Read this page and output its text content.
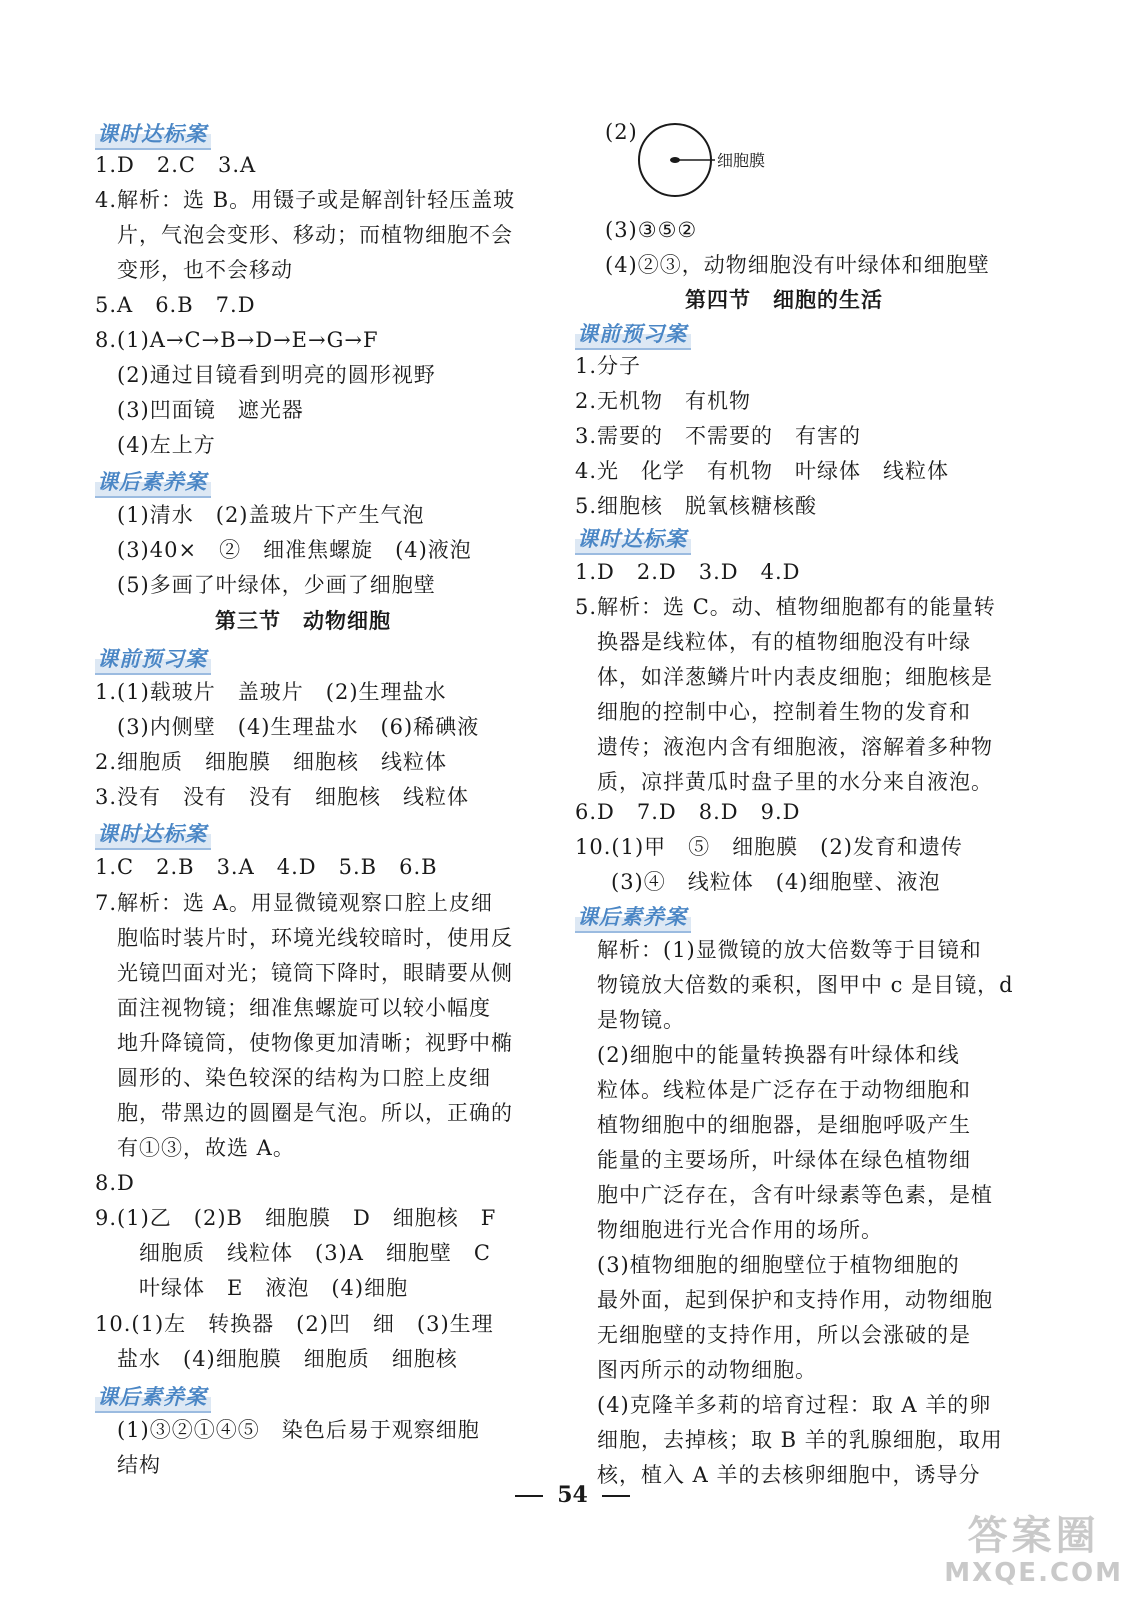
课时达标案
1.D　2.C　3.A
4.解析：选 B。用镊子或是解剖针轻压盖玻
片，气泡会变形、移动；而植物细胞不会
变形，也不会移动
5.A　6.B　7.D
8.(1)A→C→B→D→E→G→F
(2)通过目镜看到明亮的圆形视野
(3)凹面镜　遮光器
(4)左上方
课后素养案
(1)清水　(2)盖玻片下产生气泡
(3)40×　②　细准焦螺旋　(4)液泡
(5)多画了叶绿体，少画了细胞壁
第三节　动物细胞
课前预习案
1.(1)载玻片　盖玻片　(2)生理盐水
(3)内侧壁　(4)生理盐水　(6)稀碘液
2.细胞质　细胞膜　细胞核　线粒体
3.没有　没有　没有　细胞核　线粒体
课时达标案
1.C　2.B　3.A　4.D　5.B　6.B
7.解析：选 A。用显微镜观察口腔上皮细
胞临时装片时，环境光线较暗时，使用反
光镜凹面对光；镜筒下降时，眼睛要从侧
面注视物镜；细准焦螺旋可以较小幅度
地升降镜筒，使物像更加清晰；视野中椭
圆形的、染色较深的结构为口腔上皮细
胞，带黑边的圆圈是气泡。所以，正确的
有①③，故选 A。
8.D
9.(1)乙　(2)B　细胞膜　D　细胞核　F
细胞质　线粒体　(3)A　细胞壁　C
叶绿体　E　液泡　(4)细胞
10.(1)左　转换器　(2)凹　细　(3)生理
盐水　(4)细胞膜　细胞质　细胞核
课后素养案
(1)③②①④⑤　染色后易于观察细胞
结构
(2)
细胞膜
(3)③⑤②
(4)②③，动物细胞没有叶绿体和细胞壁
第四节　细胞的生活
课前预习案
1.分子
2.无机物　有机物
3.需要的　不需要的　有害的
4.光　化学　有机物　叶绿体　线粒体
5.细胞核　脱氧核糖核酸
课时达标案
1.D　2.D　3.D　4.D
5.解析：选 C。动、植物细胞都有的能量转
换器是线粒体，有的植物细胞没有叶绿
体，如洋葱鳞片叶内表皮细胞；细胞核是
细胞的控制中心，控制着生物的发育和
遗传；液泡内含有细胞液，溶解着多种物
质，凉拌黄瓜时盘子里的水分来自液泡。
6.D　7.D　8.D　9.D
10.(1)甲　⑤　细胞膜　(2)发育和遗传
(3)④　线粒体　(4)细胞壁、液泡
课后素养案
解析：(1)显微镜的放大倍数等于目镜和
物镜放大倍数的乘积，图甲中 c 是目镜，d
是物镜。
(2)细胞中的能量转换器有叶绿体和线
粒体。线粒体是广泛存在于动物细胞和
植物细胞中的细胞器，是细胞呼吸产生
能量的主要场所，叶绿体在绿色植物细
胞中广泛存在，含有叶绿素等色素，是植
物细胞进行光合作用的场所。
(3)植物细胞的细胞壁位于植物细胞的
最外面，起到保护和支持作用，动物细胞
无细胞壁的支持作用，所以会涨破的是
图丙所示的动物细胞。
(4)克隆羊多莉的培育过程：取 A 羊的卵
细胞，去掉核；取 B 羊的乳腺细胞，取用
核，植入 A 羊的去核卵细胞中，诱导分
54
答案圈
MXQE.COM
